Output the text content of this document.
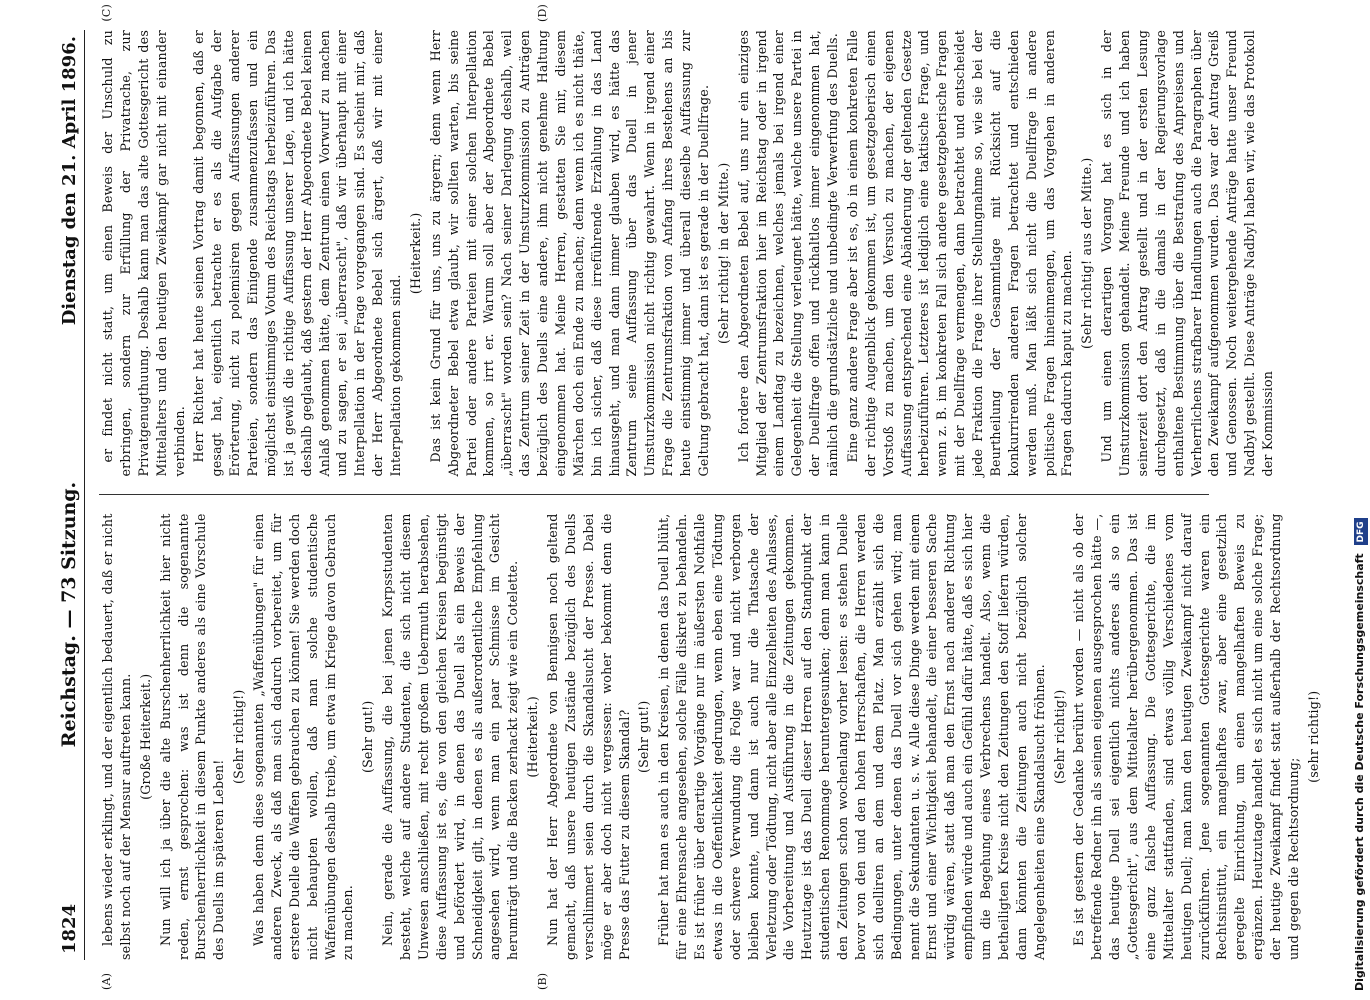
1824
Reichstag. — 73 Sitzung.
Dienstag den 21. April 1896.
(A)	(B)

lebens wieder erklingt, und der eigentlich bedauert, daß er nicht selbst noch auf der Mensur auftreten kann. (Große Heiterkeit.) Nun will ich ja über die alte Burschenherrlichkeit hier nicht reden, ernst gesprochen: was ist denn die sogenannte Burschenherrlichkeit in diesem Punkte anderes als eine Vorschule des Duells im späteren Leben!

(Sehr richtig!) Was haben denn diese sogenannten „Waffenübungen" für einen anderen Zweck, als daß man sich dadurch vorbereitet, um für erstere Duelle die Waffen gebrauchen zu können! Sie werden doch nicht behaupten wollen, daß man solche studentische Waffenübungen deshalb treibe, um etwa im Kriege davon Gebrauch zu machen.

(Sehr gut!) Nein, gerade die Auffassung, die bei jenen Korpsstudenten besteht, welche auf andere Studenten, die sich nicht diesem Unwesen anschließen, mit recht großem Uebermuth herabsehen, diese Auffassung ist es, die von den gleichen Kreisen begünstigt und befördert wird, in denen das Duell als ein Beweis der Schneidigkeit gilt, in denen es als außerordentliche Empfehlung angesehen wird, wenn man ein paar Schmisse im Gesicht herumträgt und die Backen zerhackt zeigt wie ein Cotelette. (Heiterkeit.) Nun hat der Herr Abgeordnete von Bennigsen noch geltend gemacht, daß unsere heutigen Zustände bezüglich des Duells verschlimmert seien durch die Skandalsucht der Presse. Dabei möge er aber doch nicht vergessen: woher bekommt denn die Presse das Futter zu diesem Skandal? (Sehr gut!) Früher hat man es auch in den Kreisen, in denen das Duell blüht, für eine Ehrensache angesehen, solche Fälle diskret zu behandeln. Es ist früher über derartige Vorgänge nur im äußersten Nothfalle etwas in die Oeffentlichkeit gedrungen, wenn eben eine Tödtung oder schwere Verwundung die Folge war und nicht verborgen bleiben konnte, und dann ist auch nur die Thatsache der Verletzung oder Tödtung, nicht aber alle Einzelheiten des Anlasses, die Vorbereitung und Ausführung in die Zeitungen gekommen. Heutzutage ist das Duell dieser Herren auf den Standpunkt der studentischen Renommage heruntergesunken; denn man kann in den Zeitungen schon wochenlang vorher lesen: es stehen Duelle bevor von den und den hohen Herrschaften, die Herren werden sich duelliren an dem und dem Platz. Man erzählt sich die Bedingungen, unter denen das Duell vor sich gehen wird; man nennt die Sekundanten u. s. w. Alle diese Dinge werden mit einem Ernst und einer Wichtigkeit behandelt, die einer besseren Sache würdig wären, statt daß man den Ernst nach anderer Richtung empfinden würde und auch ein Gefühl dafür hätte, daß es sich hier um die Begehung eines Verbrechens handelt. Also, wenn die betheiligten Kreise nicht den Zeitungen den Stoff liefern würden, dann könnten die Zeitungen auch nicht bezüglich solcher Angelegenheiten eine Skandalsucht fröhnen. (Sehr richtig!) Es ist gestern der Gedanke berührt worden — nicht als ob der betreffende Redner ihn als seinen eigenen ausgesprochen hätte —, das heutige Duell sei eigentlich nichts anderes als so ein „Gottesgericht", aus dem Mittelalter herübergenommen. Das ist eine ganz falsche Auffassung. Die Gottesgerichte, die im Mittelalter stattfanden, sind etwas völlig Verschiedenes vom heutigen Duell; man kann den heutigen Zweikampf nicht darauf zurückführen. Jene sogenannten Gottesgerichte waren ein Rechtsinstitut, ein mangelhaftes zwar, aber eine gesetzlich geregelte Einrichtung, um einen mangelhaften Beweis zu ergänzen. Heutzutage handelt es sich nicht um eine solche Frage; der heutige Zweikampf findet statt außerhalb der Rechtsordnung und gegen die Rechtsordnung;

(sehr richtig!)

(C)	(D)

er findet nicht statt, um einen Beweis der Unschuld zu erbringen, sondern zur Erfüllung der Privatrache, zur Privatgenugthuung. Deshalb kann man das alte Gottesgericht des Mittelalters und den heutigen Zweikampf gar nicht mit einander verbinden. Herr Richter hat heute seinen Vortrag damit begonnen, daß er gesagt hat, eigentlich betrachte er es als die Aufgabe der Erörterung, nicht zu polemisiren gegen Auffassungen anderer Parteien, sondern das Einigende zusammenzufassen und ein möglichst einstimmiges Votum des Reichstags herbeizuführen. Das ist ja gewiß die richtige Auffassung unserer Lage, und ich hätte deshalb geglaubt, daß gestern der Herr Abgeordnete Bebel keinen Anlaß genommen hätte, dem Zentrum einen Vorwurf zu machen und zu sagen, er sei „überrascht", daß wir überhaupt mit einer Interpellation in der Frage vorgegangen sind. Es scheint mir, daß der Herr Abgeordnete Bebel sich ärgert, daß wir mit einer Interpellation gekommen sind.

(Heiterkeit.) Das ist kein Grund für uns, uns zu ärgern; denn wenn Herr Abgeordneter Bebel etwa glaubt, wir sollten warten, bis seine Partei oder andere Parteien mit einer solchen Interpellation kommen, so irrt er. Warum soll aber der Abgeordnete Bebel „überrascht" worden sein? Nach seiner Darlegung deshalb, weil das Zentrum seiner Zeit in der Umsturzkommission zu Anträgen bezüglich des Duells eine andere, ihm nicht genehme Haltung eingenommen hat. Meine Herren, gestatten Sie mir, diesem Märchen doch ein Ende zu machen; denn wenn ich es nicht thäte, bin ich sicher, daß diese irreführende Erzählung in das Land hinausgeht, und man dann immer glauben wird, es hätte das Zentrum seine Auffassung über das Duell in jener Umsturzkommission nicht richtig gewahrt. Wenn in irgend einer Frage die Zentrumsfraktion von Anfang ihres Bestehens an bis heute einstimmig immer und überall dieselbe Auffassung zur Geltung gebracht hat, dann ist es gerade in der Duellfrage. (Sehr richtig! in der Mitte.) Ich fordere den Abgeordneten Bebel auf, uns nur ein einziges Mitglied der Zentrumsfraktion hier im Reichstag oder in irgend einem Landtag zu bezeichnen, welches jemals bei irgend einer Gelegenheit die Stellung verleugnet hätte, welche unsere Partei in der Duellfrage offen und rückhaltlos immer eingenommen hat, nämlich die grundsätzliche und unbedingte Verwerfung des Duells. Eine ganz andere Frage aber ist es, ob in einem konkreten Falle der richtige Augenblick gekommen ist, um gesetzgeberisch einen Vorstoß zu machen, um den Versuch zu machen, der eigenen Auffassung entsprechend eine Abänderung der geltenden Gesetze herbeizuführen. Letzteres ist lediglich eine taktische Frage, und wenn z. B. im konkreten Fall sich andere gesetzgeberische Fragen mit der Duellfrage vermengen, dann betrachtet und entscheidet jede Fraktion die Frage ihrer Stellungnahme so, wie sie bei der Beurtheilung der Gesammtlage mit Rücksicht auf die konkurrirenden anderen Fragen betrachtet und entschieden werden muß. Man läßt sich nicht die Duellfrage in andere politische Fragen hineinmengen, um das Vorgehen in anderen Fragen dadurch kaput zu machen. (Sehr richtig! aus der Mitte.) Und um einen derartigen Vorgang hat es sich in der Umsturzkommission gehandelt. Meine Freunde und ich haben seinerzeit dort den Antrag gestellt und in der ersten Lesung durchgesetzt, daß in die damals in der Regierungsvorlage enthaltene Bestimmung über die Bestrafung des Anpreisens und Verherrlichens strafbarer Handlungen auch die Paragraphen über den Zweikampf aufgenommen wurden. Das war der Antrag Greiß und Genossen. Noch weitergehende Anträge hatte unser Freund Nadbyl gestellt. Diese Anträge Nadbyl haben wir, wie das Protokoll der Kommission

Digitalisierung gefördert durch die Deutsche Forschungsgemeinschaft DFG
